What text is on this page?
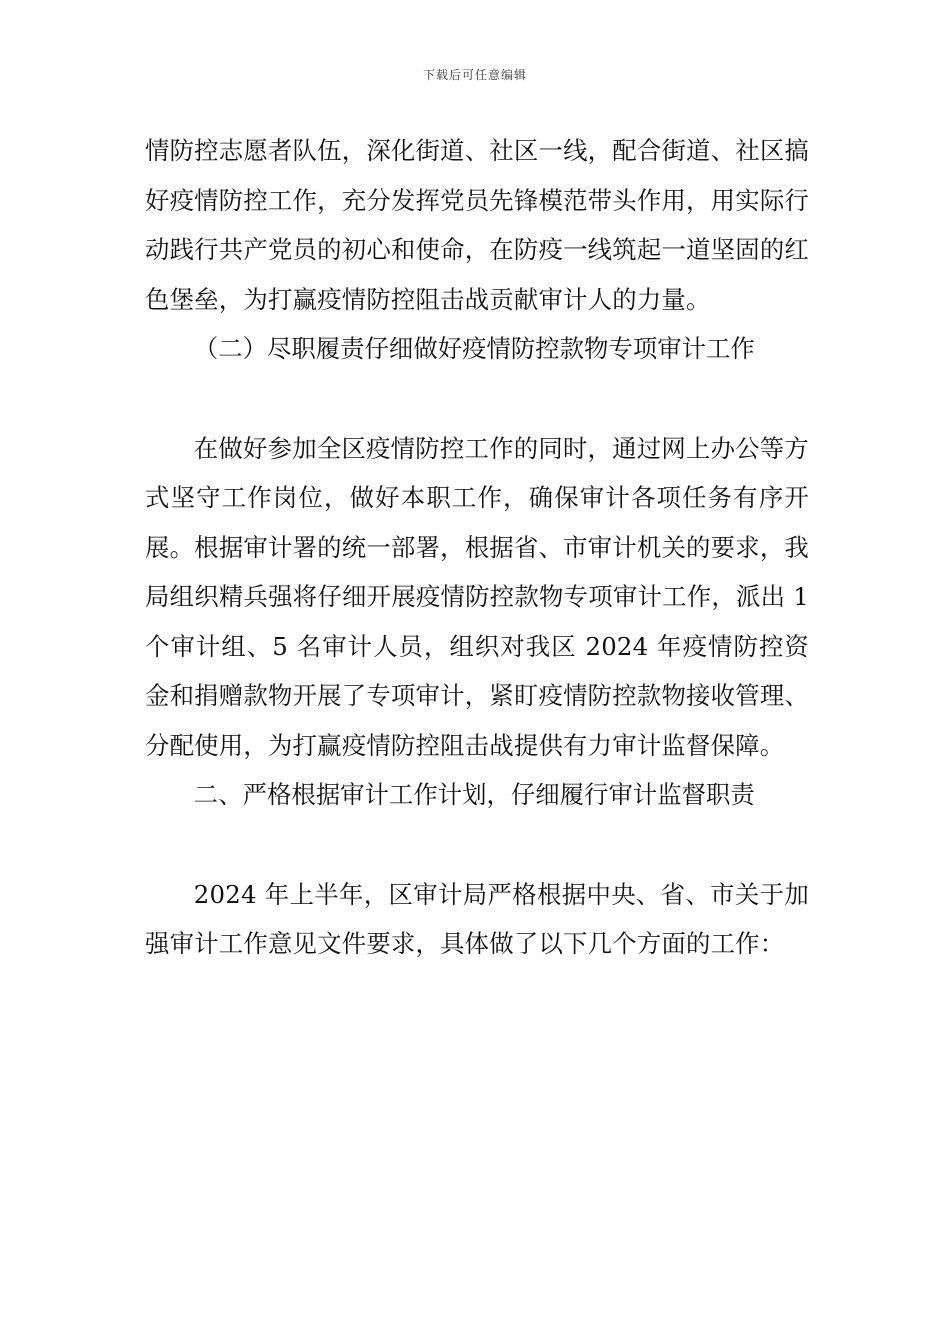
下载后可任意编辑

情防控志愿者队伍，深化街道、社区一线，配合街道、社区搞好疫情防控工作，充分发挥党员先锋模范带头作用，用实际行动践行共产党员的初心和使命，在防疫一线筑起一道坚固的红色堡垒，为打赢疫情防控阻击战贡献审计人的力量。

（二）尽职履责仔细做好疫情防控款物专项审计工作

在做好参加全区疫情防控工作的同时，通过网上办公等方式坚守工作岗位，做好本职工作，确保审计各项任务有序开展。根据审计署的统一部署，根据省、市审计机关的要求，我局组织精兵强将仔细开展疫情防控款物专项审计工作，派出 1 个审计组、5 名审计人员，组织对我区 2024 年疫情防控资金和捐赠款物开展了专项审计，紧盯疫情防控款物接收管理、分配使用，为打赢疫情防控阻击战提供有力审计监督保障。

二、严格根据审计工作计划，仔细履行审计监督职责

2024 年上半年，区审计局严格根据中央、省、市关于加强审计工作意见文件要求，具体做了以下几个方面的工作：
